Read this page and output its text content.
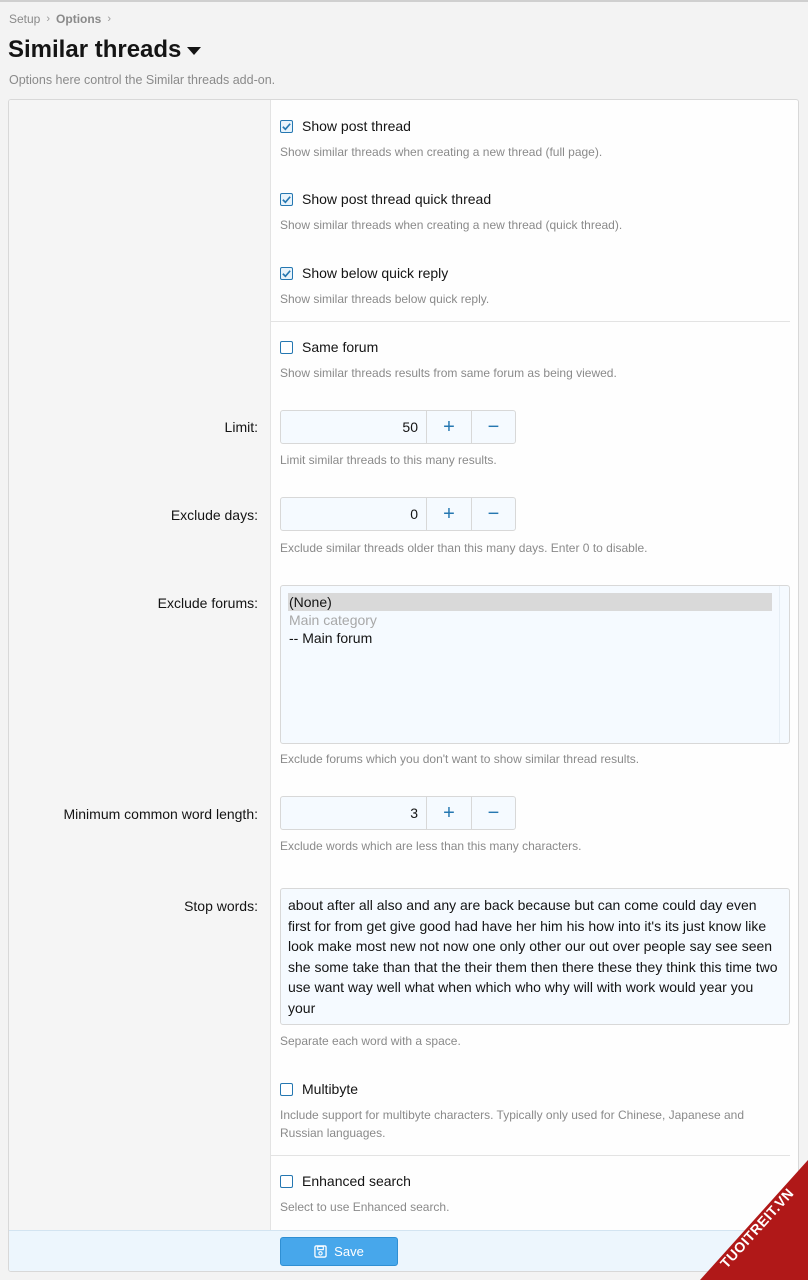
Setup › Options ›
Similar threads
Options here control the Similar threads add-on.
Show post thread
Show similar threads when creating a new thread (full page).
Show post thread quick thread
Show similar threads when creating a new thread (quick thread).
Show below quick reply
Show similar threads below quick reply.
Same forum
Show similar threads results from same forum as being viewed.
Limit:	50	+	−
Limit similar threads to this many results.
Exclude days:	0	+	−
Exclude similar threads older than this many days. Enter 0 to disable.
Exclude forums: (None)
Main category
-- Main forum
Exclude forums which you don't want to show similar thread results.
Minimum common word length:	3	+	−
Exclude words which are less than this many characters.
Stop words:	about after all also and any are back because but can come could day even first for from get give good had have her him his how into it's its just know like look make most new not now one only other our out over people say see seen she some take than that the their them then there these they think this time two use want way well what when which who why will with work would year you your
Separate each word with a space.
Multibyte
Include support for multibyte characters. Typically only used for Chinese, Japanese and Russian languages.
Enhanced search
Select to use Enhanced search.
Save	TUOITREIT.VN
